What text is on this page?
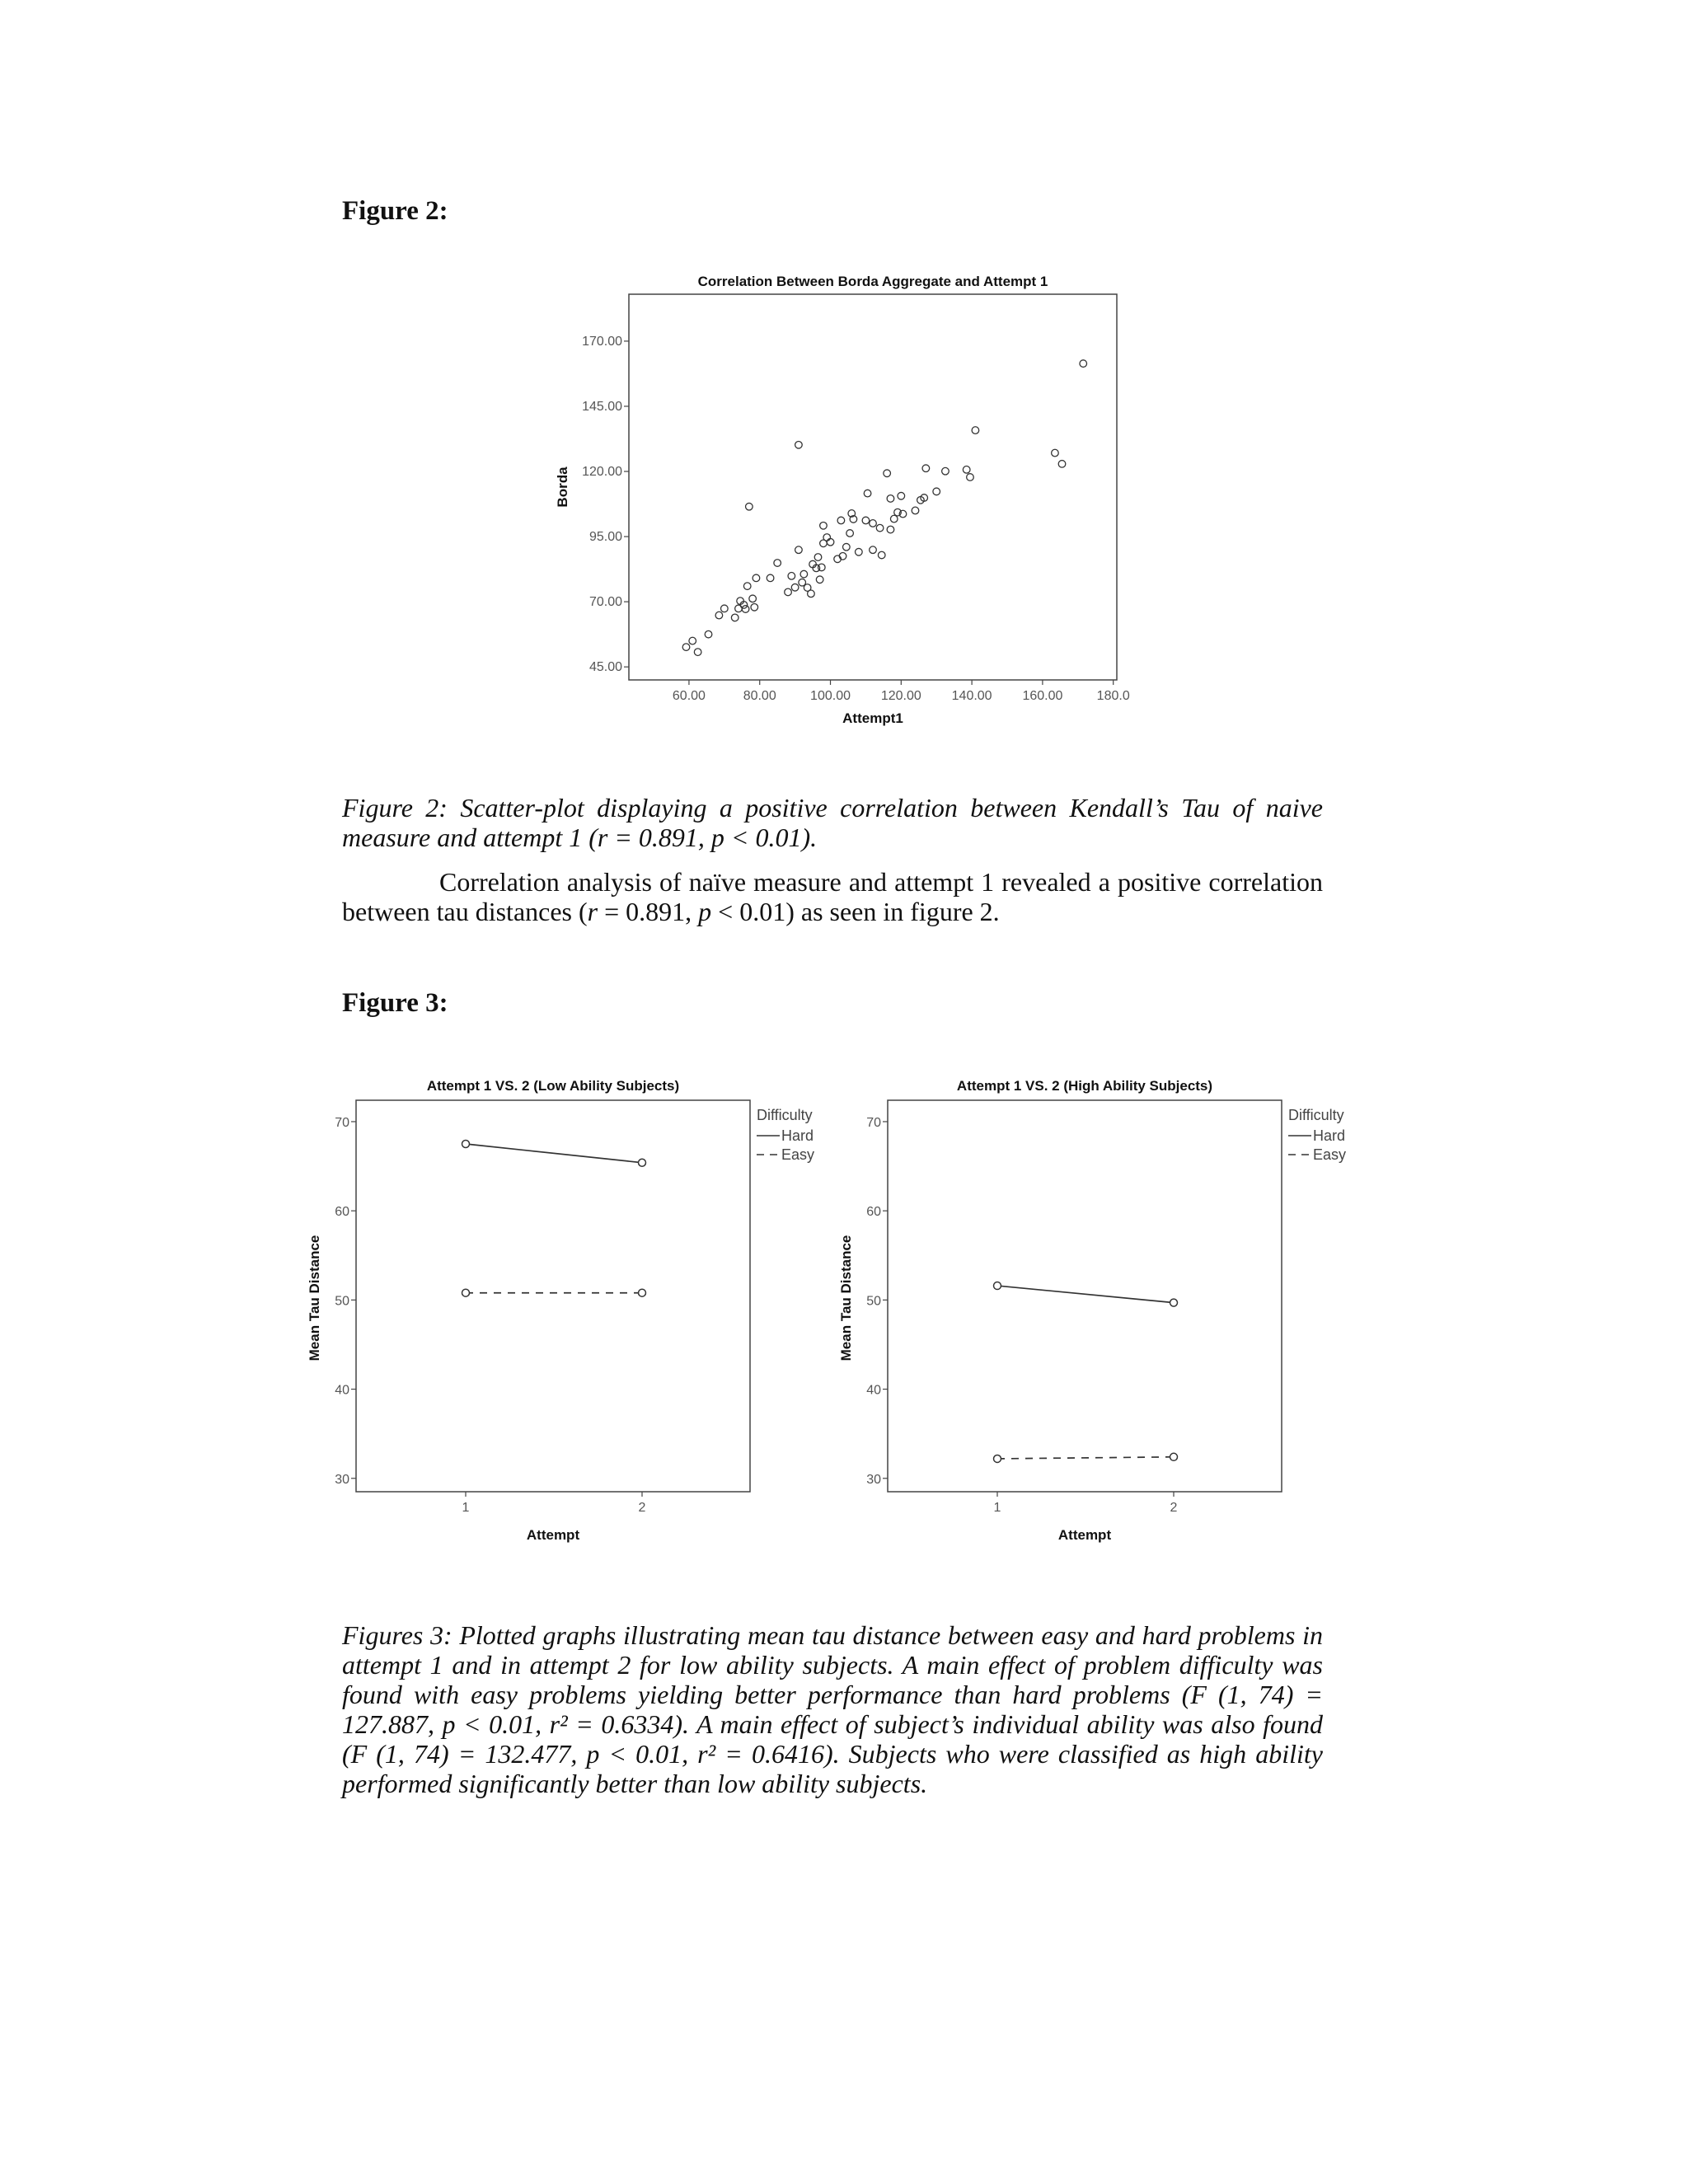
Figure 2:
Correlation Between Borda Aggregate and Attempt 1
45.00
70.00
95.00
120.00
145.00
170.00
60.00	80.00	100.00 120.00 140.00 160.00	180.0
Attempt1
Borda
Figure 2: Scatter-plot displaying a positive correlation between Kendall’s Tau of naive measure and attempt 1 (r = 0.891, p < 0.01).
Correlation analysis of naïve measure and attempt 1 revealed a positive correlation between tau distances (r = 0.891, p < 0.01) as seen in figure 2.
Figure 3:
Attempt 1 VS. 2 (Low Ability Subjects)
30
40
50
60
70
1	2
Attempt
Mean Tau Distance
Difficulty
Hard
Easy
Attempt 1 VS. 2 (High Ability Subjects)
30
40
50
60
70
1	2
Attempt
Mean Tau Distance
Difficulty
Hard
Easy
Figures 3: Plotted graphs illustrating mean tau distance between easy and hard problems in attempt 1 and in attempt 2 for low ability subjects. A main effect of problem difficulty was found with easy problems yielding better performance than hard problems (F (1, 74) = 127.887, p < 0.01, r² = 0.6334). A main effect of subject’s individual ability was also found (F (1, 74) = 132.477, p < 0.01, r² = 0.6416). Subjects who were classified as high ability performed significantly better than low ability subjects.
